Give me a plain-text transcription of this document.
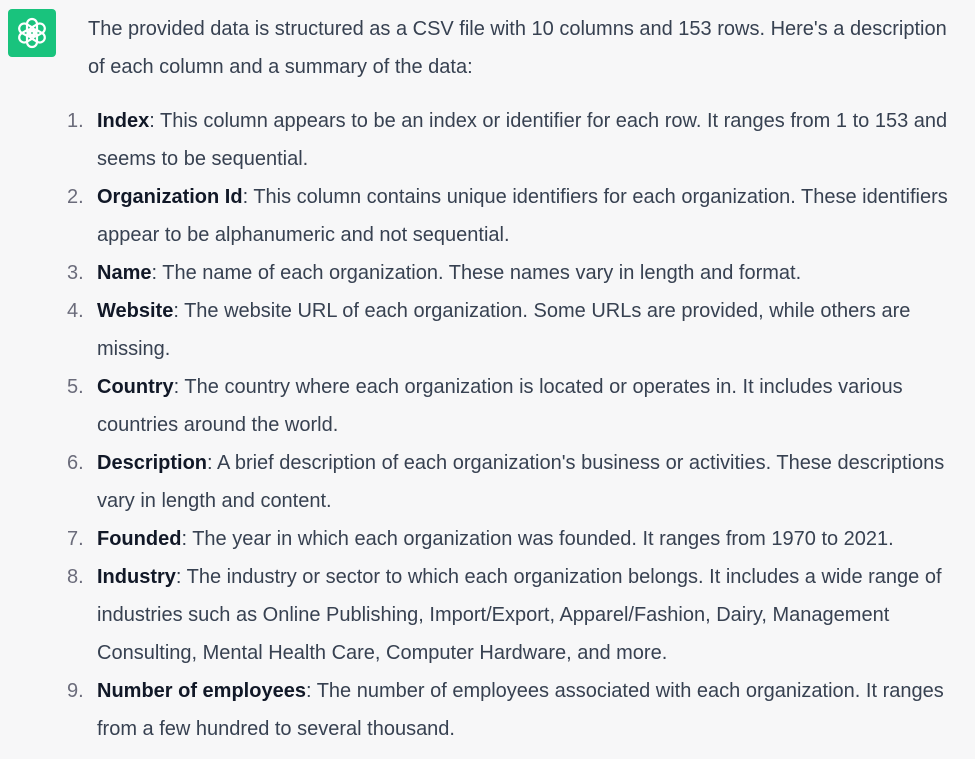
The provided data is structured as a CSV file with 10 columns and 153 rows. Here's a description of each column and a summary of the data:

1. Index: This column appears to be an index or identifier for each row. It ranges from 1 to 153 and seems to be sequential.
2. Organization Id: This column contains unique identifiers for each organization. These identifiers appear to be alphanumeric and not sequential.
3. Name: The name of each organization. These names vary in length and format.
4. Website: The website URL of each organization. Some URLs are provided, while others are missing.
5. Country: The country where each organization is located or operates in. It includes various countries around the world.
6. Description: A brief description of each organization's business or activities. These descriptions vary in length and content.
7. Founded: The year in which each organization was founded. It ranges from 1970 to 2021.
8. Industry: The industry or sector to which each organization belongs. It includes a wide range of industries such as Online Publishing, Import/Export, Apparel/Fashion, Dairy, Management Consulting, Mental Health Care, Computer Hardware, and more.
9. Number of employees: The number of employees associated with each organization. It ranges from a few hundred to several thousand.
